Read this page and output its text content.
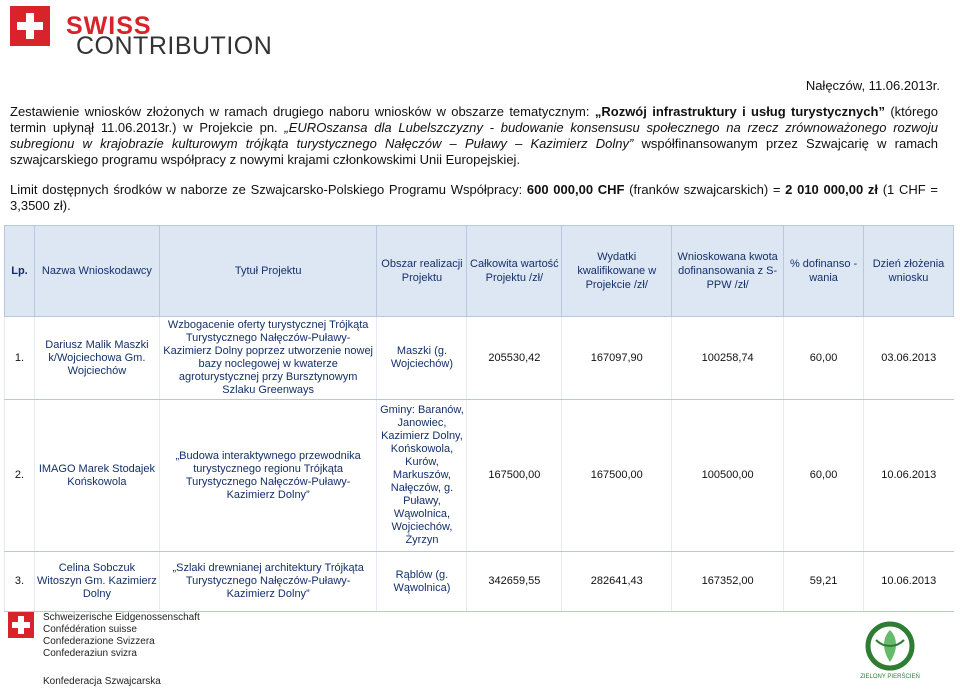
SWISS
CONTRIBUTION
Nałęczów, 11.06.2013r.
Zestawienie wniosków złożonych w ramach drugiego naboru wniosków w obszarze tematycznym: „Rozwój infrastruktury i usług turystycznych” (którego termin upłynął 11.06.2013r.) w Projekcie pn. „EUROszansa dla Lubelszczyzny - budowanie konsensusu społecznego na rzecz zrównoważonego rozwoju subregionu w krajobrazie kulturowym trójkąta turystycznego Nałęczów – Puławy – Kazimierz Dolny” współfinansowanym przez Szwajcarię w ramach szwajcarskiego programu współpracy z nowymi krajami członkowskimi Unii Europejskiej.
Limit dostępnych środków w naborze ze Szwajcarsko-Polskiego Programu Współpracy: 600 000,00 CHF (franków szwajcarskich) = 2 010 000,00 zł (1 CHF = 3,3500 zł).
Lp.	Nazwa Wnioskodawcy	Tytuł Projektu	Obszar realizacji Projektu	Całkowita wartość Projektu /zł/	Wydatki kwalifikowane w Projekcie /zł/	Wnioskowana kwota dofinansowania z S-PPW /zł/	% dofinanso -wania	Dzień złożenia wniosku
1.	Dariusz Malik Maszki k/Wojciechowa Gm. Wojciechów	Wzbogacenie oferty turystycznej Trójkąta Turystycznego Nałęczów-Puławy-Kazimierz Dolny poprzez utworzenie nowej bazy noclegowej w kwaterze agroturystycznej przy Bursztynowym Szlaku Greenways	Maszki (g. Wojciechów)	205530,42	167097,90	100258,74	60,00	03.06.2013
2.	IMAGO Marek Stodajek Końskowola	„Budowa interaktywnego przewodnika turystycznego regionu Trójkąta Turystycznego Nałęczów-Puławy-Kazimierz Dolny”	Gminy: Baranów, Janowiec, Kazimierz Dolny, Końskowola, Kurów, Markuszów, Nałęczów, g. Puławy, Wąwolnica, Wojciechów, Żyrzyn	167500,00	167500,00	100500,00	60,00	10.06.2013
3.	Celina Sobczuk Witoszyn Gm. Kazimierz Dolny	„Szlaki drewnianej architektury Trójkąta Turystycznego Nałęczów-Puławy-Kazimierz Dolny”	Rąblów (g. Wąwolnica)	342659,55	282641,43	167352,00	59,21	10.06.2013
Schweizerische Eidgenossenschaft
Confédération suisse
Confederazione Svizzera
Confederaziun svizra
Konfederacja Szwajcarska	ZIELONY PIERŚCIEŃ
